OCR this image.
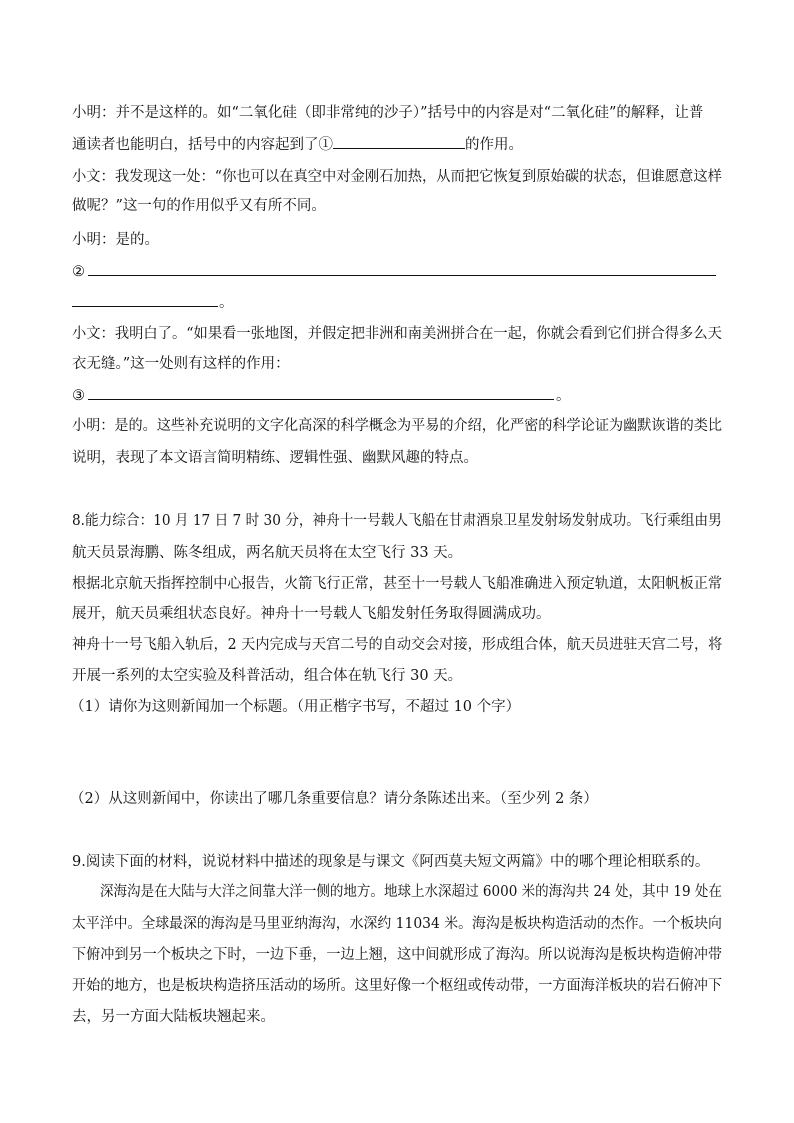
小明：并不是这样的。如“二氧化硅（即非常纯的沙子）”括号中的内容是对“二氧化硅”的解释，让普
通读者也能明白，括号中的内容起到了①	的作用。
小文：我发现这一处：“你也可以在真空中对金刚石加热，从而把它恢复到原始碳的状态，但谁愿意这样
做呢？”这一句的作用似乎又有所不同。
小明：是的。
②
。
小文：我明白了。“如果看一张地图，并假定把非洲和南美洲拼合在一起，你就会看到它们拼合得多么天
衣无缝。”这一处则有这样的作用：
③	。
小明：是的。这些补充说明的文字化高深的科学概念为平易的介绍，化严密的科学论证为幽默诙谐的类比
说明，表现了本文语言简明精练、逻辑性强、幽默风趣的特点。
8.能力综合：10 月 17 日 7 时 30 分，神舟十一号载人飞船在甘肃酒泉卫星发射场发射成功。飞行乘组由男
航天员景海鹏、陈冬组成，两名航天员将在太空飞行 33 天。
根据北京航天指挥控制中心报告，火箭飞行正常，甚至十一号载人飞船准确进入预定轨道，太阳帆板正常
展开，航天员乘组状态良好。神舟十一号载人飞船发射任务取得圆满成功。
神舟十一号飞船入轨后，2 天内完成与天宫二号的自动交会对接，形成组合体，航天员进驻天宫二号，将
开展一系列的太空实验及科普活动，组合体在轨飞行 30 天。
（1）请你为这则新闻加一个标题。（用正楷字书写，不超过 10 个字）
（2）从这则新闻中，你读出了哪几条重要信息？请分条陈述出来。（至少列 2 条）
9.阅读下面的材料，说说材料中描述的现象是与课文《阿西莫夫短文两篇》中的哪个理论相联系的。
深海沟是在大陆与大洋之间靠大洋一侧的地方。地球上水深超过 6000 米的海沟共 24 处，其中 19 处在
太平洋中。全球最深的海沟是马里亚纳海沟，水深约 11034 米。海沟是板块构造活动的杰作。一个板块向
下俯冲到另一个板块之下时，一边下垂，一边上翘，这中间就形成了海沟。所以说海沟是板块构造俯冲带
开始的地方，也是板块构造挤压活动的场所。这里好像一个枢纽或传动带，一方面海洋板块的岩石俯冲下
去，另一方面大陆板块翘起来。
